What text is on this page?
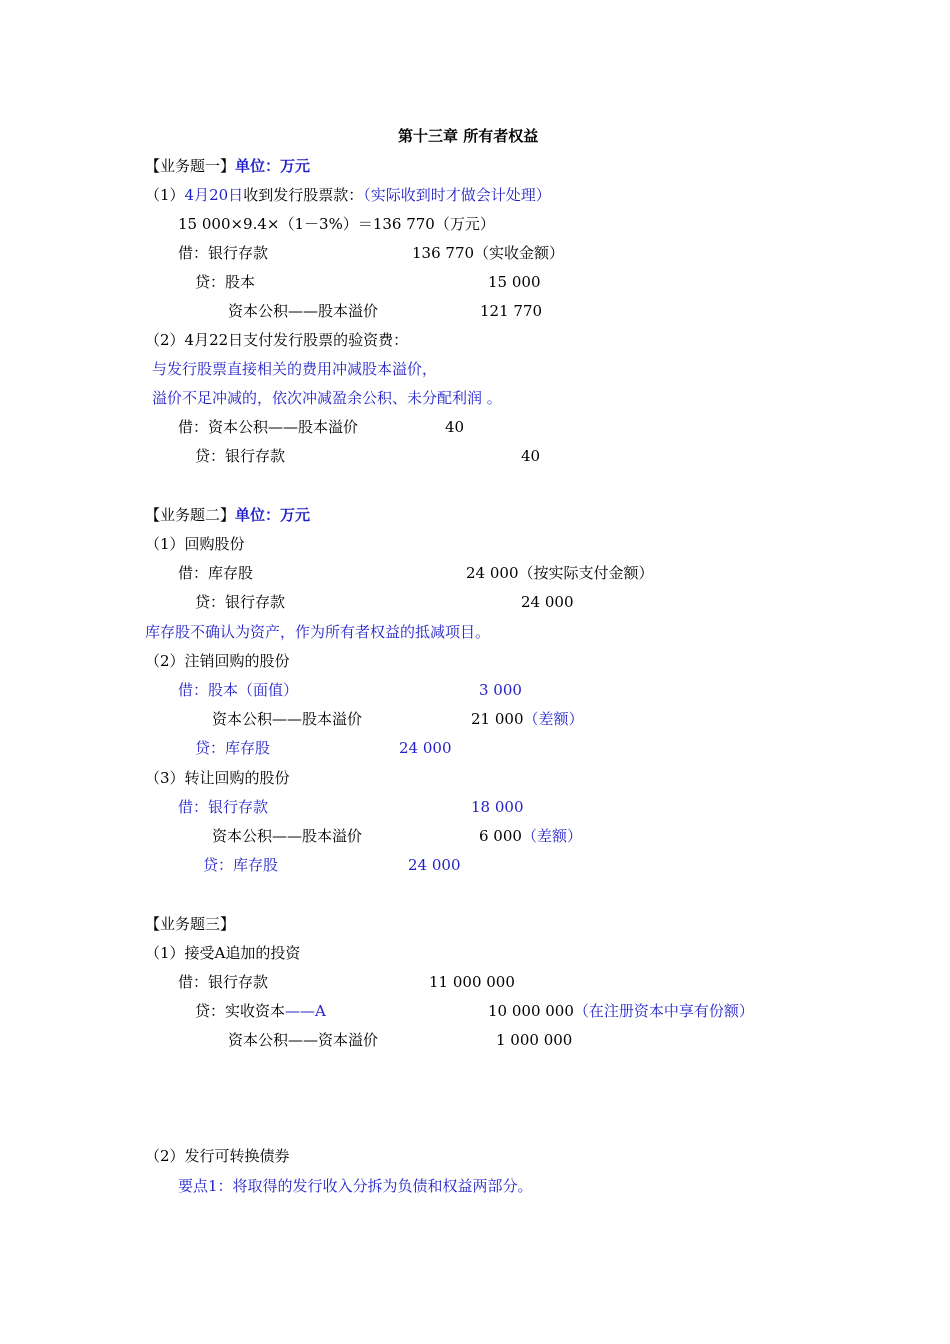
第十三章 所有者权益
【业务题一】单位：万元
（1）4月20日收到发行股票款：（实际收到时才做会计处理）
15 000×9.4×（1－3%）＝136 770（万元）
借：银行存款	136 770（实收金额）
贷：股本	15 000
资本公积——股本溢价	121 770
（2）4月22日支付发行股票的验资费：
与发行股票直接相关的费用冲减股本溢价，
溢价不足冲减的，依次冲减盈余公积、未分配利润 。
借：资本公积——股本溢价	40
贷：银行存款	40
【业务题二】单位：万元
（1）回购股份
借：库存股	24 000（按实际支付金额）
贷：银行存款	24 000
库存股不确认为资产，作为所有者权益的抵减项目。
（2）注销回购的股份
借：股本（面值）	3 000
资本公积——股本溢价	21 000（差额）
贷：库存股	24 000
（3）转让回购的股份
借：银行存款	18 000
资本公积——股本溢价	6 000（差额）
贷：库存股	24 000
【业务题三】
（1）接受A追加的投资
借：银行存款	11 000 000
贷：实收资本——A	10 000 000（在注册资本中享有份额）
资本公积——资本溢价	1 000 000
（2）发行可转换债券
要点1：将取得的发行收入分拆为负债和权益两部分。
